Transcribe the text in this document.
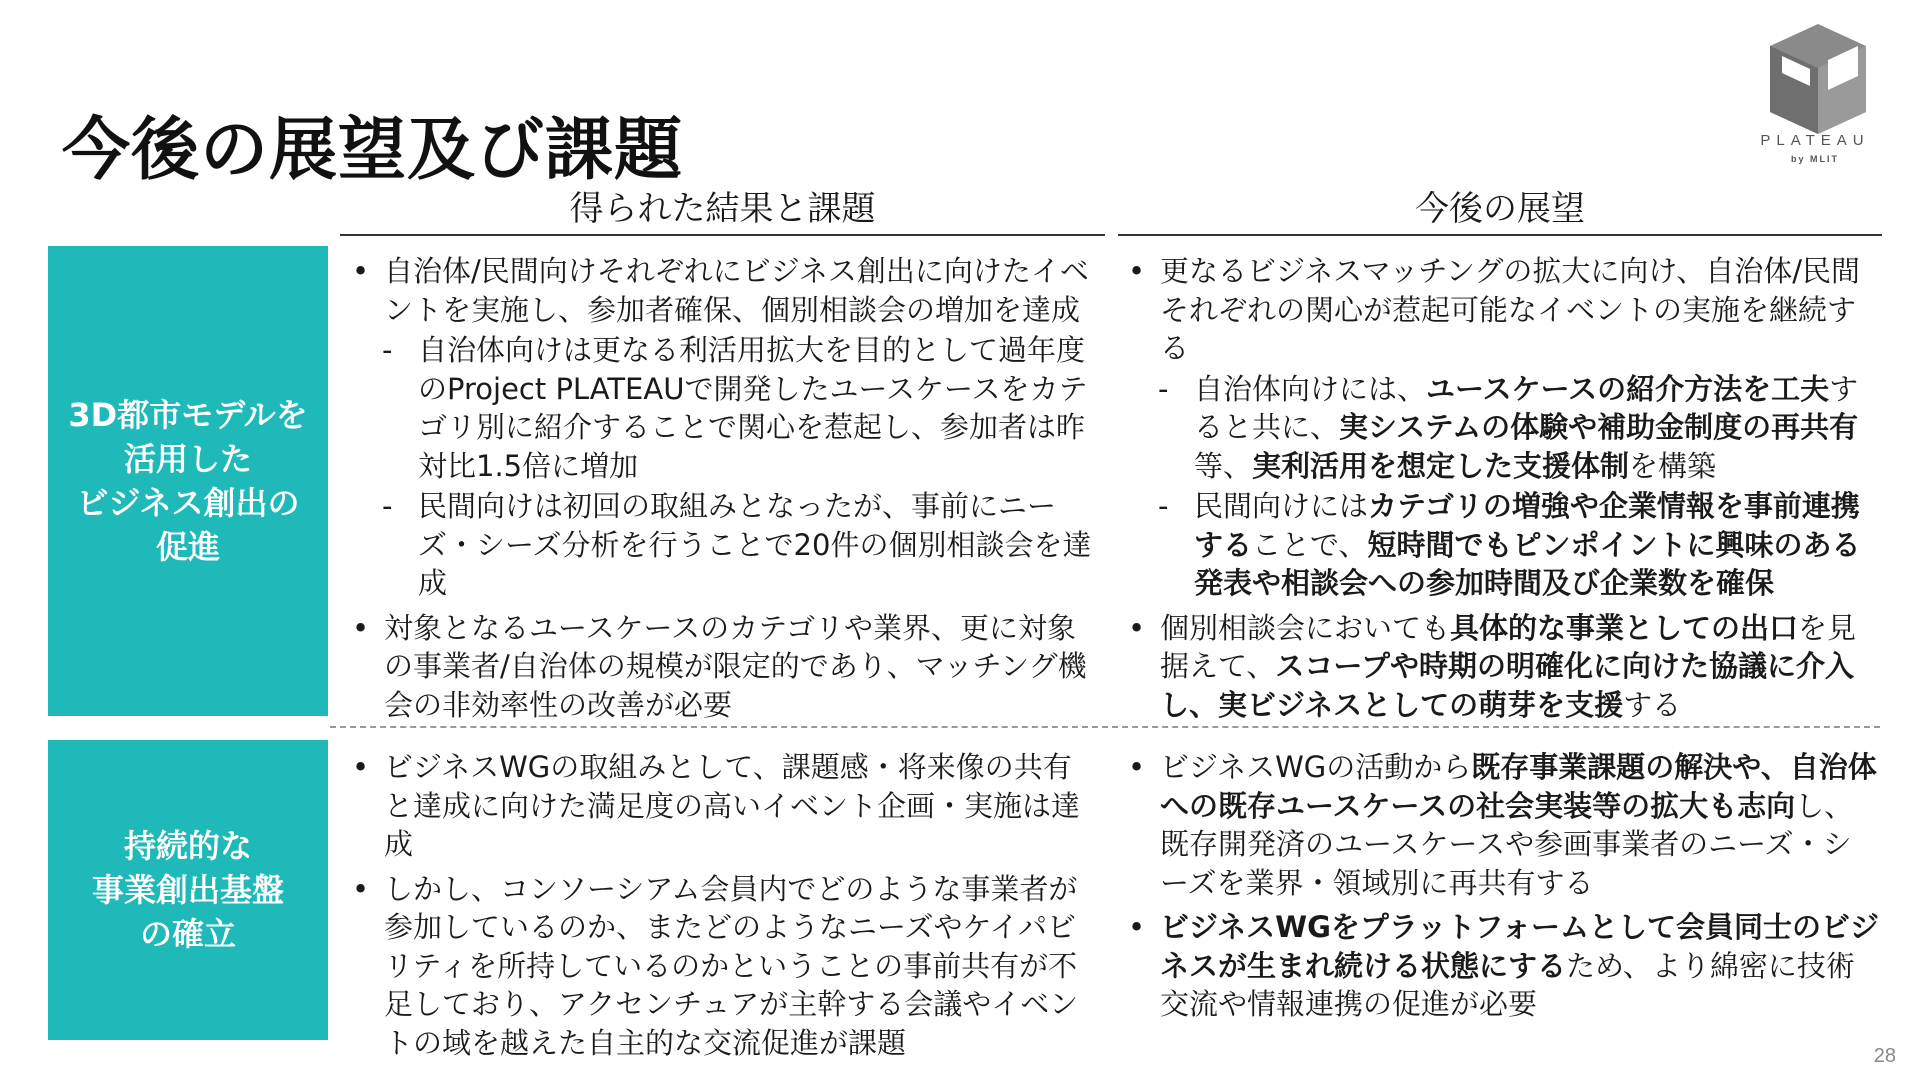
今後の展望及び課題	PLATEAU
by MLIT
得られた結果と課題	今後の展望
3D都市モデルを
活用した
ビジネス創出の
促進
持続的な
事業創出基盤
の確立
•
自治体/民間向けそれぞれにビジネス創出に向けたイベントを実施し、参加者確保、個別相談会の増加を達成
-
自治体向けは更なる利活用拡大を目的として過年度のProject PLATEAUで開発したユースケースをカテゴリ別に紹介することで関心を惹起し、参加者は昨対比1.5倍に増加
-
民間向けは初回の取組みとなったが、事前にニーズ・シーズ分析を行うことで20件の個別相談会を達成
•
対象となるユースケースのカテゴリや業界、更に対象の事業者/自治体の規模が限定的であり、マッチング機会の非効率性の改善が必要
•
更なるビジネスマッチングの拡大に向け、自治体/民間それぞれの関心が惹起可能なイベントの実施を継続する
-
自治体向けには、ユースケースの紹介方法を工夫すると共に、実システムの体験や補助金制度の再共有等、実利活用を想定した支援体制を構築
-
民間向けにはカテゴリの増強や企業情報を事前連携することで、短時間でもピンポイントに興味のある発表や相談会への参加時間及び企業数を確保
•
個別相談会においても具体的な事業としての出口を見据えて、スコープや時期の明確化に向けた協議に介入し、実ビジネスとしての萌芽を支援する
•
ビジネスWGの取組みとして、課題感・将来像の共有と達成に向けた満足度の高いイベント企画・実施は達成
•
しかし、コンソーシアム会員内でどのような事業者が参加しているのか、またどのようなニーズやケイパビリティを所持しているのかということの事前共有が不足しており、アクセンチュアが主幹する会議やイベントの域を越えた自主的な交流促進が課題
•
ビジネスWGの活動から既存事業課題の解決や、自治体への既存ユースケースの社会実装等の拡大も志向し、既存開発済のユースケースや参画事業者のニーズ・シーズを業界・領域別に再共有する
•
ビジネスWGをプラットフォームとして会員同士のビジネスが生まれ続ける状態にするため、より綿密に技術交流や情報連携の促進が必要
28
